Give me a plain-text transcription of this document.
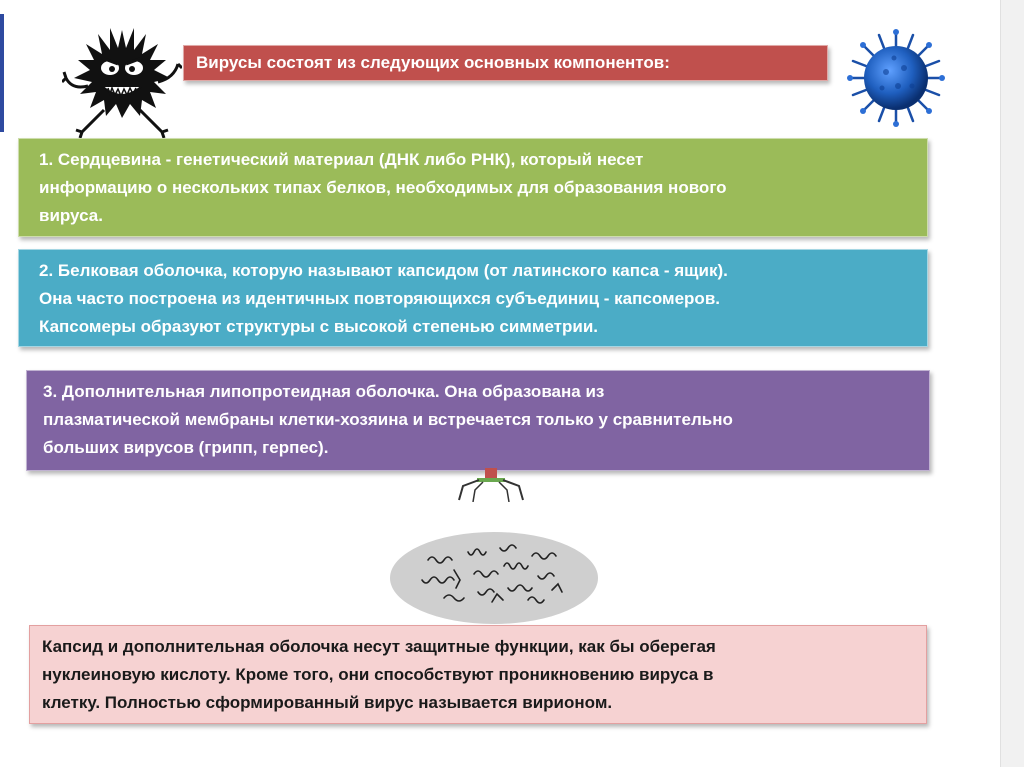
Вирусы состоят из следующих основных компонентов:
1. Сердцевина - генетический материал (ДНК либо РНК), который несет
информацию о нескольких типах белков, необходимых для образования нового
вируса.
2. Белковая оболочка, которую называют капсидом (от латинского капса - ящик).
Она часто построена из идентичных повторяющихся субъединиц - капсомеров.
Капсомеры образуют структуры с высокой степенью симметрии.
3. Дополнительная липопротеидная оболочка. Она образована из
плазматической мембраны клетки-хозяина и встречается только у сравнительно
больших вирусов (грипп, герпес).
Капсид и дополнительная оболочка несут защитные функции, как бы оберегая
нуклеиновую кислоту. Кроме того, они способствуют проникновению вируса в
клетку. Полностью сформированный вирус называется вирионом.
